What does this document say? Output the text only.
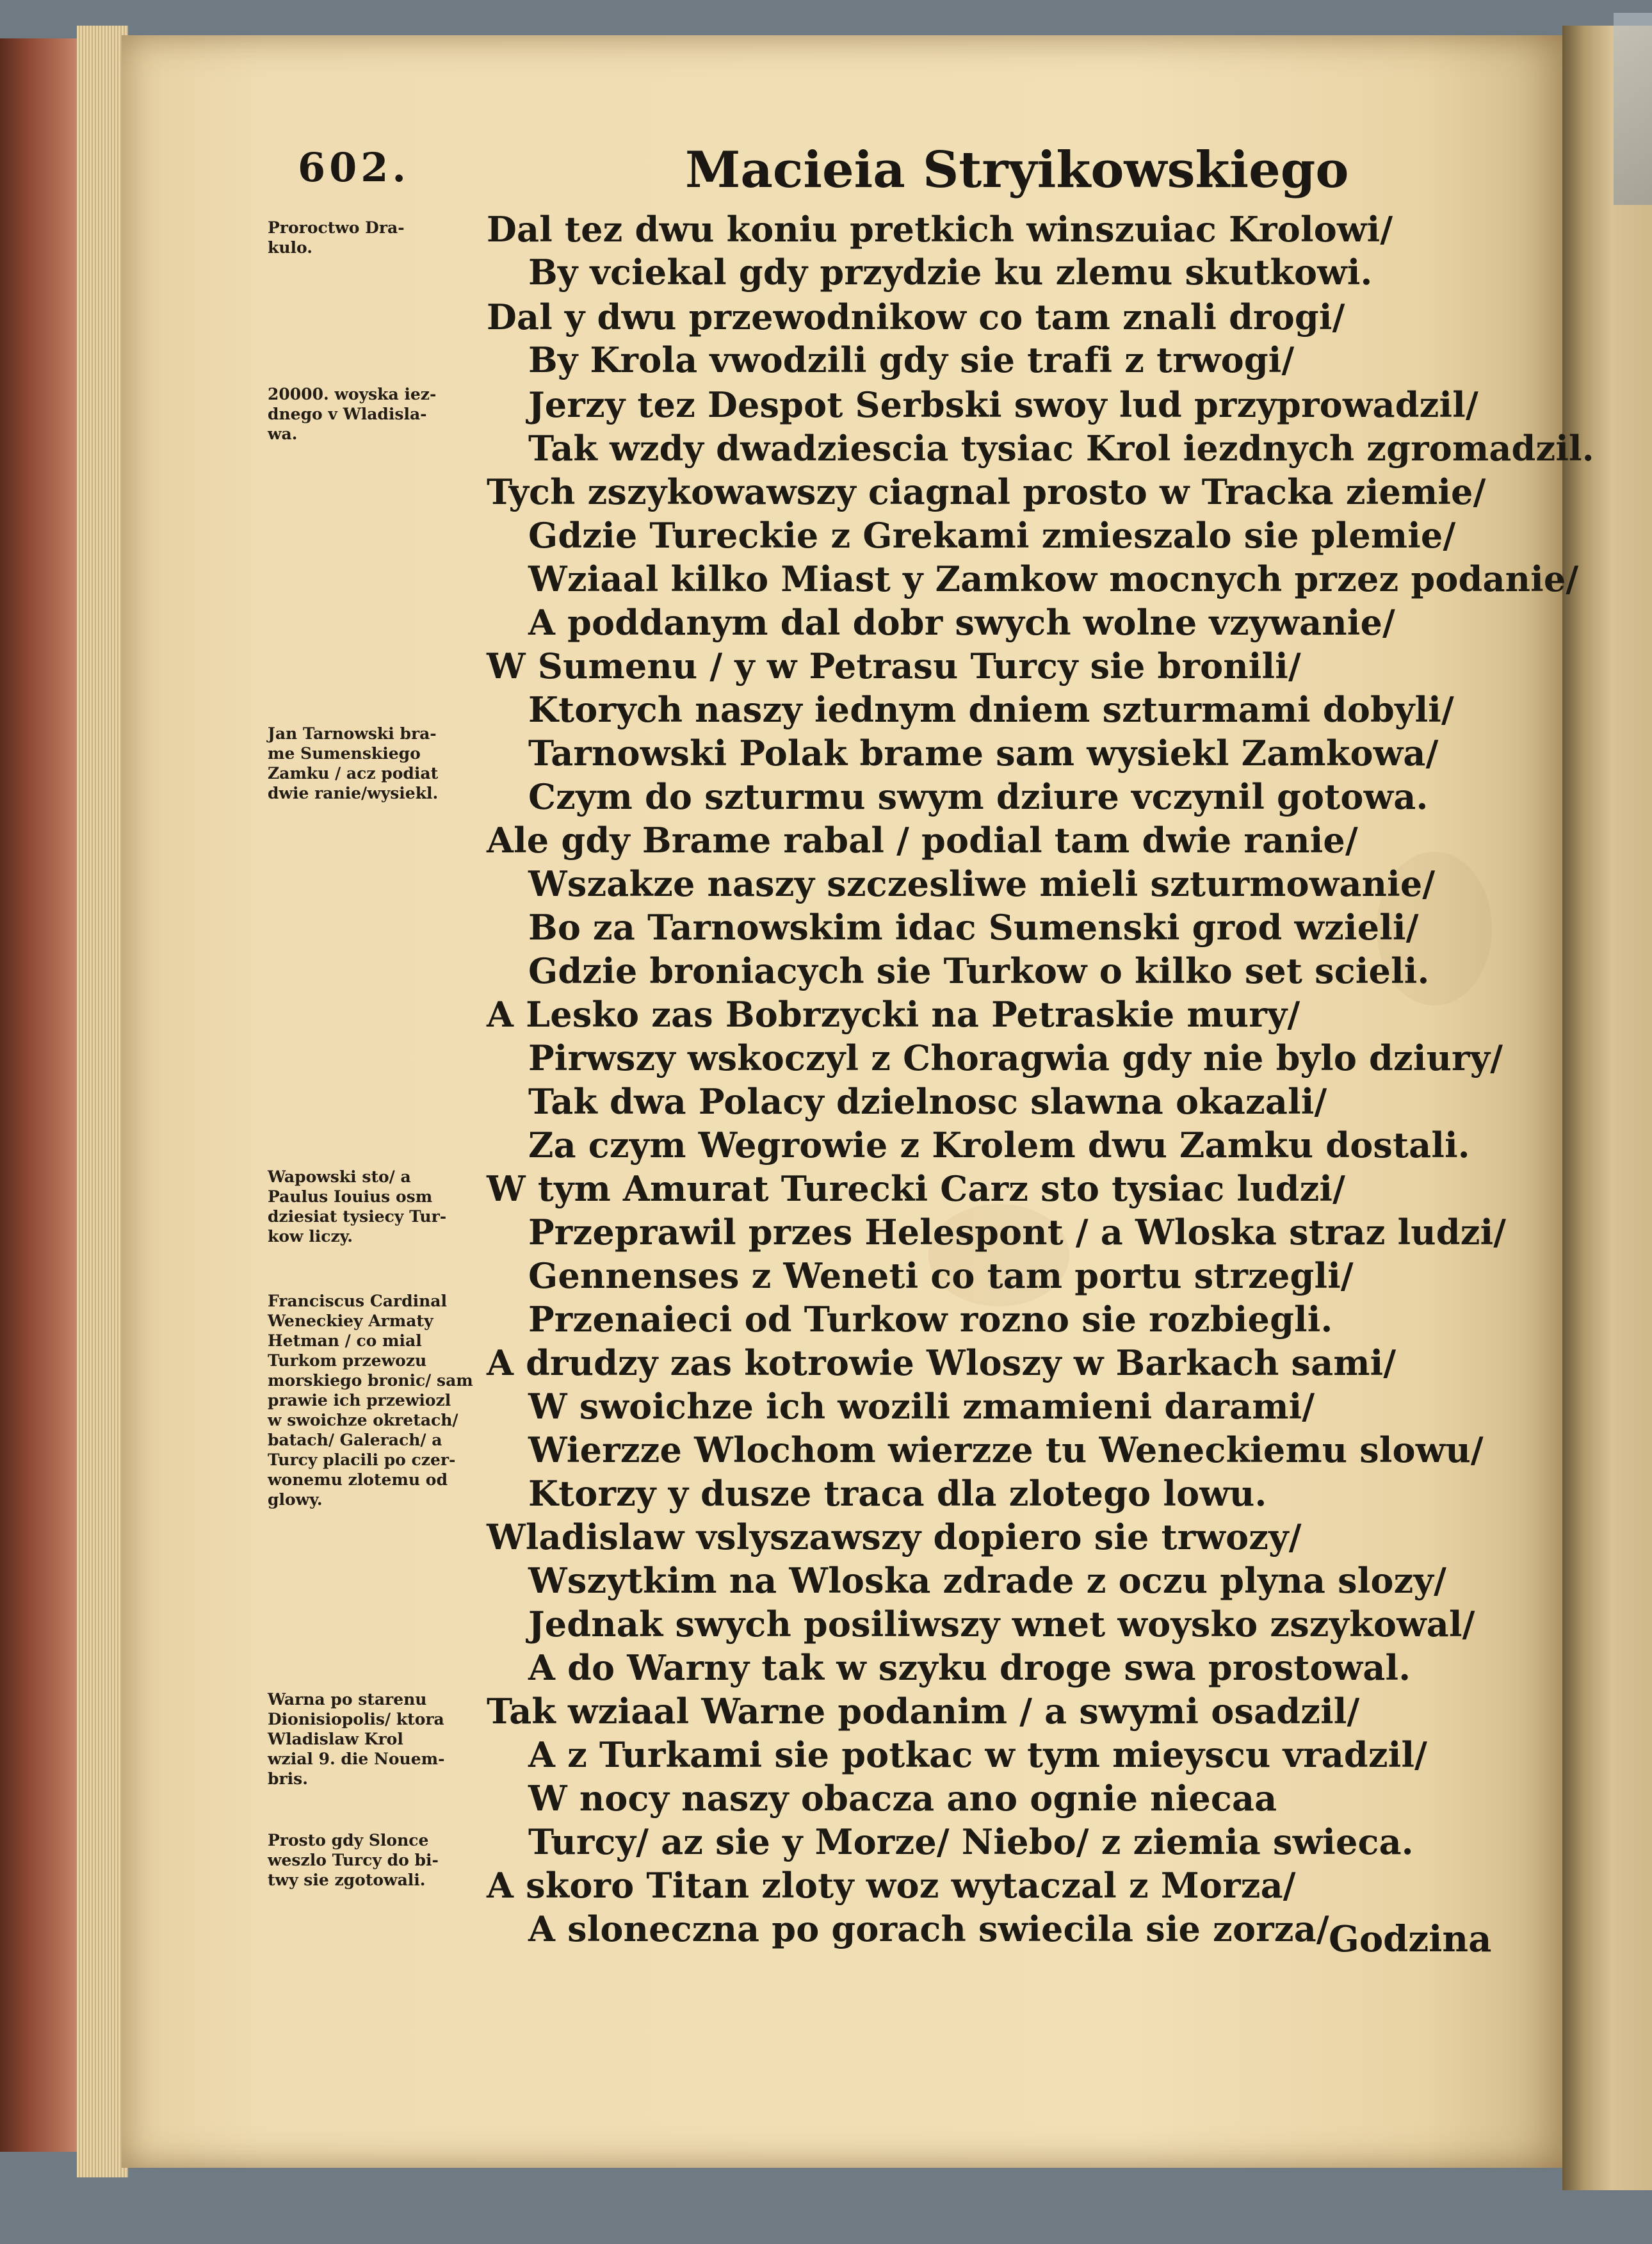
602.	Macieia Stryikowskiego
Proroctwo Dra-
kulo.
20000. woyska iez-
dnego v Wladisla-
wa.
Jan Tarnowski bra-
me Sumenskiego
Zamku / acz podiat
dwie ranie/wysiekl.
Wapowski sto/ a
Paulus Iouius osm
dziesiat tysiecy Tur-
kow liczy.
Franciscus Cardinal
Weneckiey Armaty
Hetman / co mial
Turkom przewozu
morskiego bronic/ sam
prawie ich przewiozl
w swoichze okretach/
batach/ Galerach/ a
Turcy placili po czer-
wonemu zlotemu od
glowy.
Warna po starenu
Dionisiopolis/ ktora
Wladislaw Krol
wzial 9. die Nouem-
bris.
Prosto gdy Slonce
weszlo Turcy do bi-
twy sie zgotowali.
Dal tez dwu koniu pretkich winszuiac Krolowi/
By vciekal gdy przydzie ku zlemu skutkowi.
Dal y dwu przewodnikow co tam znali drogi/
By Krola vwodzili gdy sie trafi z trwogi/
Jerzy tez Despot Serbski swoy lud przyprowadzil/
Tak wzdy dwadziescia tysiac Krol iezdnych zgromadzil.
Tych zszykowawszy ciagnal prosto w Tracka ziemie/
Gdzie Tureckie z Grekami zmieszalo sie plemie/
Wziaal kilko Miast y Zamkow mocnych przez podanie/
A poddanym dal dobr swych wolne vzywanie/
W Sumenu / y w Petrasu Turcy sie bronili/
Ktorych naszy iednym dniem szturmami dobyli/
Tarnowski Polak brame sam wysiekl Zamkowa/
Czym do szturmu swym dziure vczynil gotowa.
Ale gdy Brame rabal / podial tam dwie ranie/
Wszakze naszy szczesliwe mieli szturmowanie/
Bo za Tarnowskim idac Sumenski grod wzieli/
Gdzie broniacych sie Turkow o kilko set scieli.
A Lesko zas Bobrzycki na Petraskie mury/
Pirwszy wskoczyl z Choragwia gdy nie bylo dziury/
Tak dwa Polacy dzielnosc slawna okazali/
Za czym Wegrowie z Krolem dwu Zamku dostali.
W tym Amurat Turecki Carz sto tysiac ludzi/
Przeprawil przes Helespont / a Wloska straz ludzi/
Gennenses z Weneti co tam portu strzegli/
Przenaieci od Turkow rozno sie rozbiegli.
A drudzy zas kotrowie Wloszy w Barkach sami/
W swoichze ich wozili zmamieni darami/
Wierzze Wlochom wierzze tu Weneckiemu slowu/
Ktorzy y dusze traca dla zlotego lowu.
Wladislaw vslyszawszy dopiero sie trwozy/
Wszytkim na Wloska zdrade z oczu plyna slozy/
Jednak swych posiliwszy wnet woysko zszykowal/
A do Warny tak w szyku droge swa prostowal.
Tak wziaal Warne podanim / a swymi osadzil/
A z Turkami sie potkac w tym mieyscu vradzil/
W nocy naszy obacza ano ognie niecaa
Turcy/ az sie y Morze/ Niebo/ z ziemia swieca.
A skoro Titan zloty woz wytaczal z Morza/
A sloneczna po gorach swiecila sie zorza/ Godzina
